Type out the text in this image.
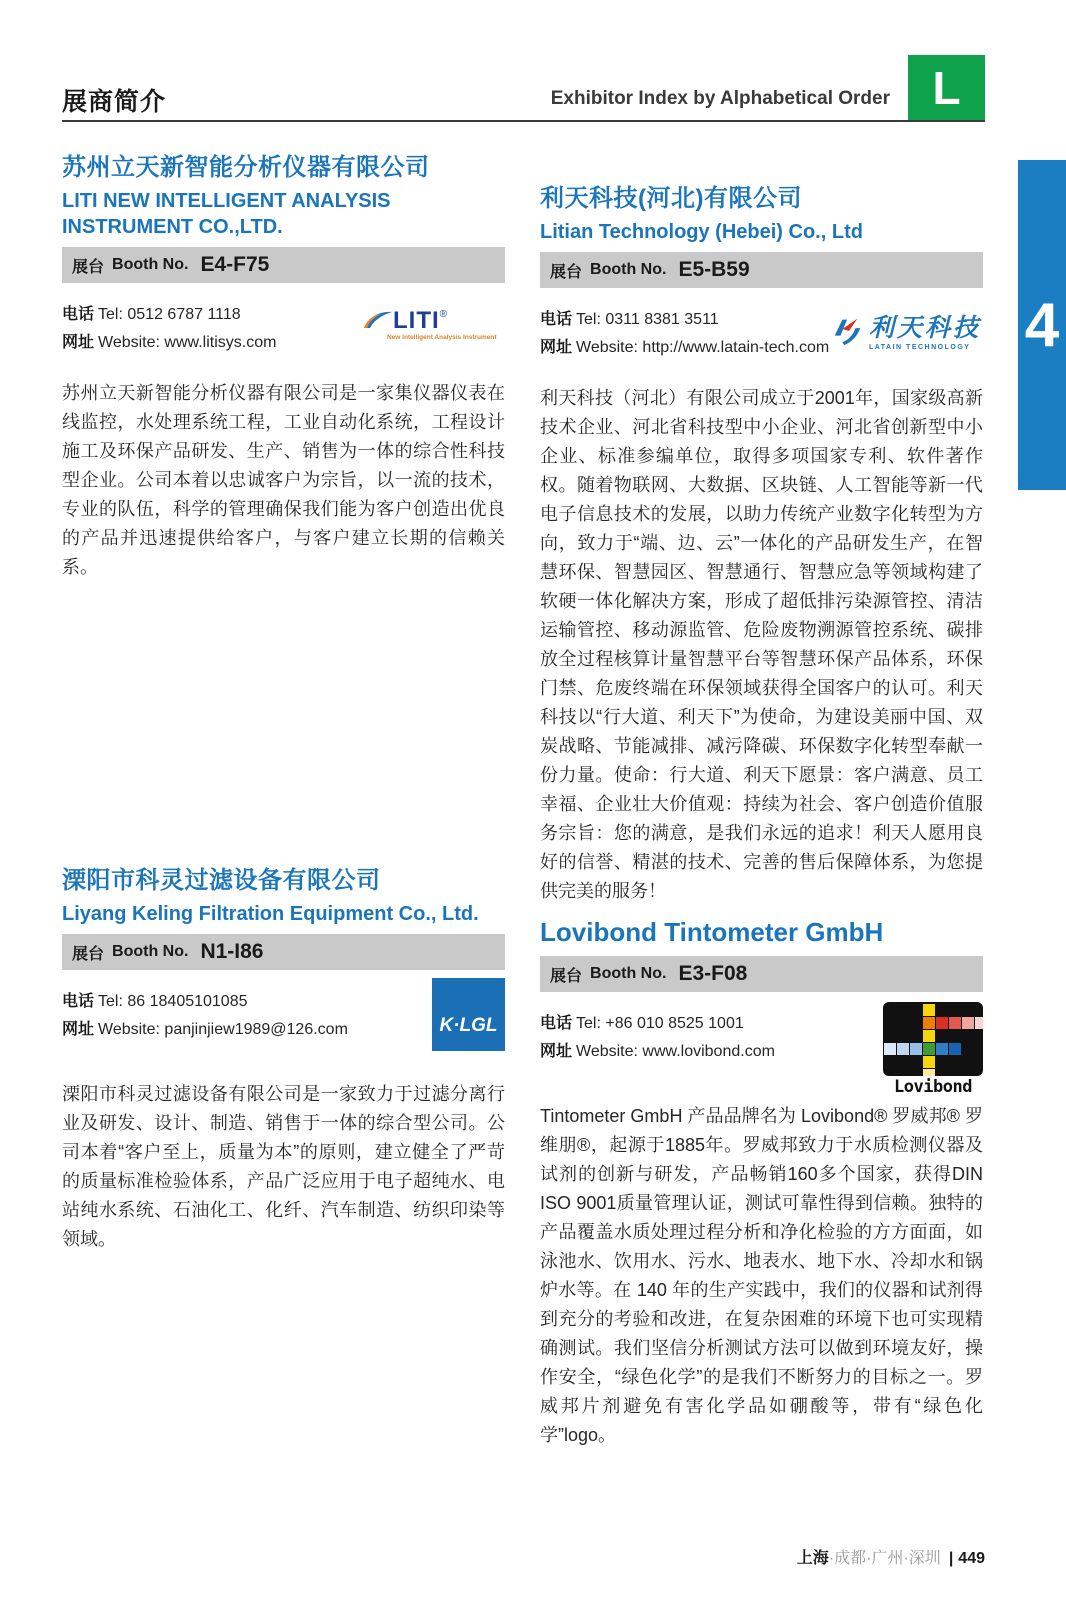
展商简介	Exhibitor Index by Alphabetical Order L
4
苏州立天新智能分析仪器有限公司
LITI NEW INTELLIGENT ANALYSIS INSTRUMENT CO.,LTD.
展台 Booth No. E4-F75
电话 Tel: 0512 6787 1118
网址 Website: www.litisys.com
LITI®
New Intelligent Analysis Instrument

苏州立天新智能分析仪器有限公司是一家集仪器仪表在线监控，水处理系统工程，工业自动化系统，工程设计施工及环保产品研发、生产、销售为一体的综合性科技型企业。公司本着以忠诚客户为宗旨，以一流的技术，专业的队伍，科学的管理确保我们能为客户创造出优良的产品并迅速提供给客户，与客户建立长期的信赖关系。

利天科技(河北)有限公司
Litian Technology (Hebei) Co., Ltd
展台 Booth No. E5-B59
电话 Tel: 0311 8381 3511
网址 Website: http://www.latain-tech.com
利天科技
LATAIN TECHNOLOGY

利天科技（河北）有限公司成立于2001年，国家级高新技术企业、河北省科技型中小企业、河北省创新型中小企业、标准参编单位，取得多项国家专利、软件著作权。随着物联网、大数据、区块链、人工智能等新一代电子信息技术的发展，以助力传统产业数字化转型为方向，致力于“端、边、云”一体化的产品研发生产，在智慧环保、智慧园区、智慧通行、智慧应急等领域构建了软硬一体化解决方案，形成了超低排污染源管控、清洁运输管控、移动源监管、危险废物溯源管控系统、碳排放全过程核算计量智慧平台等智慧环保产品体系，环保门禁、危废终端在环保领域获得全国客户的认可。利天科技以“行大道、利天下”为使命，为建设美丽中国、双炭战略、节能减排、减污降碳、环保数字化转型奉献一份力量。使命：行大道、利天下愿景：客户满意、员工幸福、企业壮大价值观：持续为社会、客户创造价值服务宗旨：您的满意，是我们永远的追求！利天人愿用良好的信誉、精湛的技术、完善的售后保障体系，为您提供完美的服务！

溧阳市科灵过滤设备有限公司
Liyang Keling Filtration Equipment Co., Ltd.
展台 Booth No. N1-I86
电话 Tel: 86 18405101085
网址 Website: panjinjiew1989@126.com	K·LGL

溧阳市科灵过滤设备有限公司是一家致力于过滤分离行业及研发、设计、制造、销售于一体的综合型公司。公司本着“客户至上，质量为本”的原则，建立健全了严苛的质量标准检验体系，产品广泛应用于电子超纯水、电站纯水系统、石油化工、化纤、汽车制造、纺织印染等领域。

Lovibond Tintometer GmbH
展台 Booth No. E3-F08
电话 Tel: +86 010 8525 1001
网址 Website: www.lovibond.com
Lovibond

Tintometer GmbH 产品品牌名为 Lovibond® 罗威邦® 罗维朋®，起源于1885年。罗威邦致力于水质检测仪器及试剂的创新与研发，产品畅销160多个国家，获得DIN ISO 9001质量管理认证，测试可靠性得到信赖。独特的产品覆盖水质处理过程分析和净化检验的方方面面，如泳池水、饮用水、污水、地表水、地下水、冷却水和锅炉水等。在 140 年的生产实践中，我们的仪器和试剂得到充分的考验和改进，在复杂困难的环境下也可实现精确测试。我们坚信分析测试方法可以做到环境友好，操作安全，“绿色化学”的是我们不断努力的目标之一。罗威邦片剂避免有害化学品如硼酸等，带有“绿色化学”logo。

上海·成都·广州·深圳 | 449
